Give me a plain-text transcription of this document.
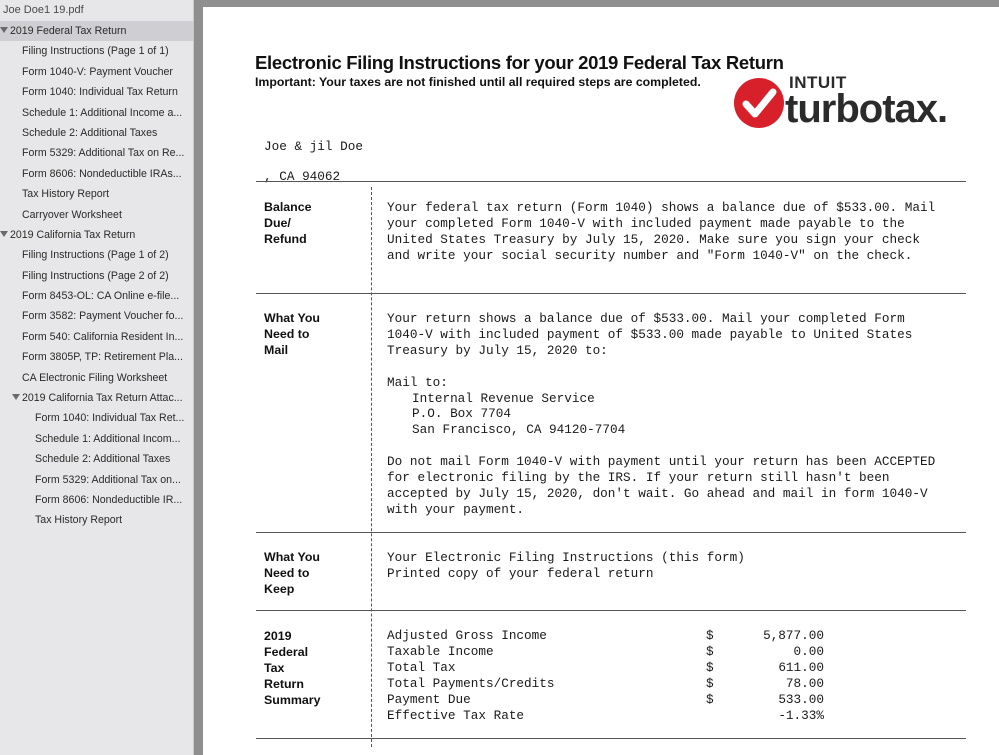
Joe Doe1 19.pdf
2019 Federal Tax Return
Filing Instructions (Page 1 of 1)
Form 1040-V: Payment Voucher
Form 1040: Individual Tax Return
Schedule 1: Additional Income a...
Schedule 2: Additional Taxes
Form 5329: Additional Tax on Re...
Form 8606: Nondeductible IRAs...
Tax History Report
Carryover Worksheet
2019 California Tax Return
Filing Instructions (Page 1 of 2)
Filing Instructions (Page 2 of 2)
Form 8453-OL: CA Online e-file...
Form 3582: Payment Voucher fo...
Form 540: California Resident In...
Form 3805P, TP: Retirement Pla...
CA Electronic Filing Worksheet
2019 California Tax Return Attac...
Form 1040: Individual Tax Ret...
Schedule 1: Additional Incom...
Schedule 2: Additional Taxes
Form 5329: Additional Tax on...
Form 8606: Nondeductible IR...
Tax History Report
Electronic Filing Instructions for your 2019 Federal Tax Return
Important: Your taxes are not finished until all required steps are completed.	INTUIT
turbotax.
Joe & jil Doe
, CA 94062
Balance
Due/
Refund

Your federal tax return (Form 1040) shows a balance due of $533.00. Mail your completed Form 1040-V with included payment made payable to the United States Treasury by July 15, 2020. Make sure you sign your check and write your social security number and "Form 1040-V" on the check.

What You
Need to
Mail

Your return shows a balance due of $533.00. Mail your completed Form 1040-V with included payment of $533.00 made payable to United States Treasury by July 15, 2020 to:

Mail to:

Internal Revenue Service

P.O. Box 7704

San Francisco, CA 94120-7704

Do not mail Form 1040-V with payment until your return has been ACCEPTED for electronic filing by the IRS. If your return still hasn't been accepted by July 15, 2020, don't wait. Go ahead and mail in form 1040-V with your payment.

What You
Need to
Keep

Your Electronic Filing Instructions (this form)

Printed copy of your federal return

2019
Federal
Tax
Return
Summary
Adjusted Gross Income	$	5,877.00
Taxable Income	$	0.00
Total Tax	$	611.00
Total Payments/Credits	$	78.00
Payment Due	$	533.00
Effective Tax Rate		-1.33%
